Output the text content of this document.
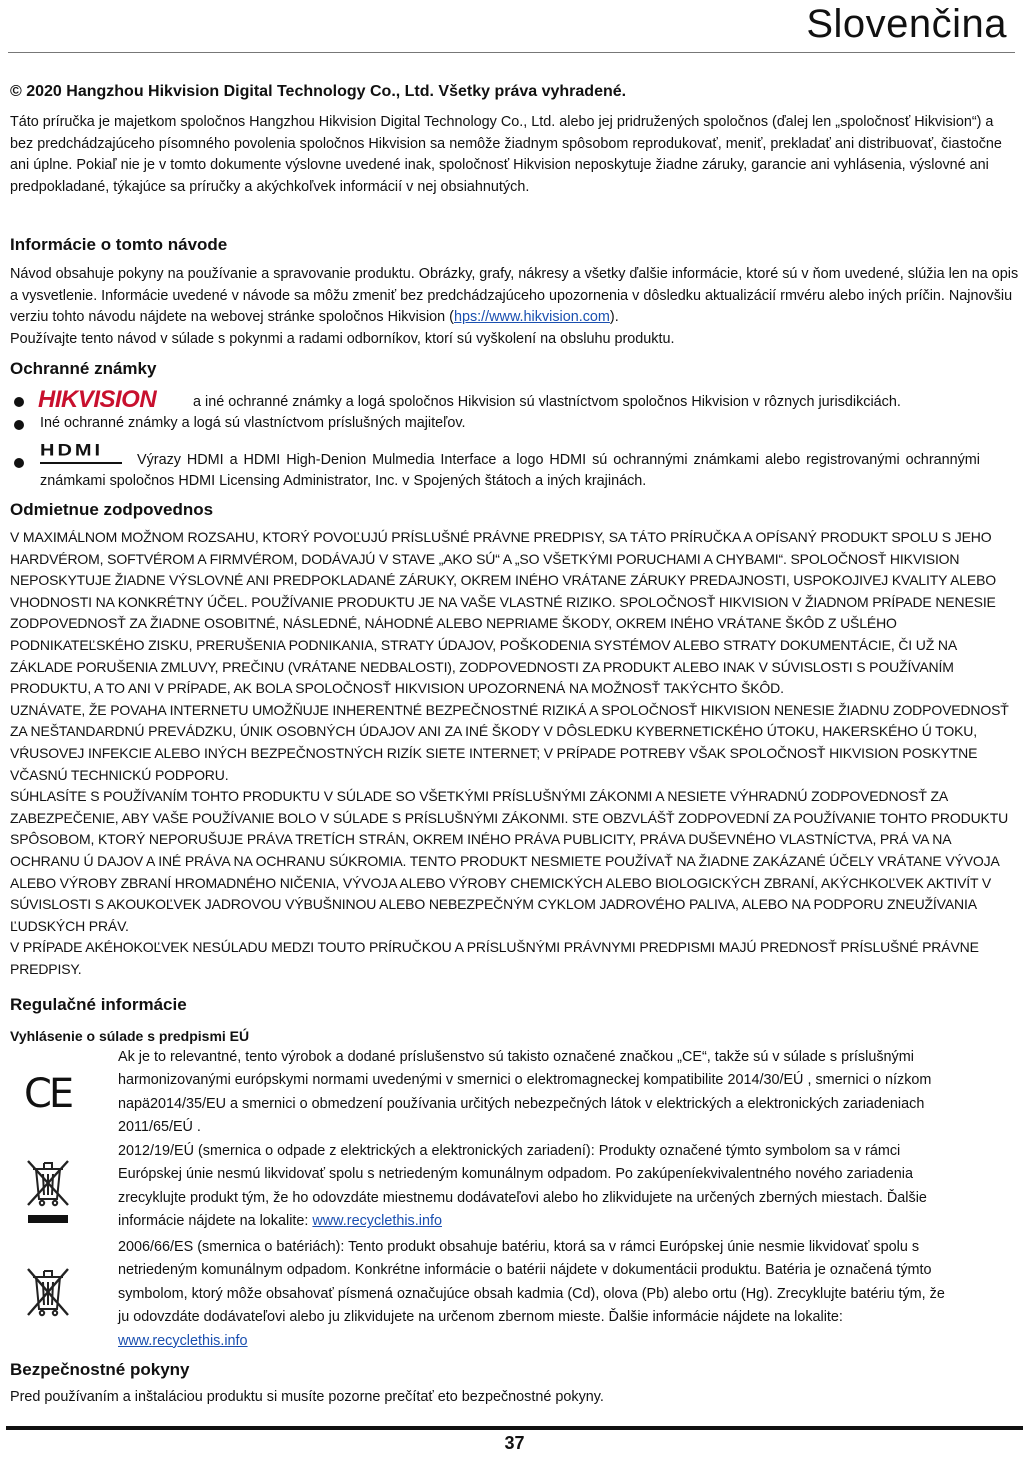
Slovenčina
© 2020 Hangzhou Hikvision Digital Technology Co., Ltd. Všetky práva vyhradené.
Táto príručka je majetkom spoločnos Hangzhou Hikvision Digital Technology Co., Ltd. alebo jej pridružených spoločnos (ďalej len „spoločnosť Hikvision“) a bez predchádzajúceho písomného povolenia spoločnos Hikvision sa nemôže žiadnym spôsobom reprodukovať, meniť, prekladať ani distribuovať, čiastočne ani úplne. Pokiaľ nie je v tomto dokumente výslovne uvedené inak, spoločnosť Hikvision neposkytuje žiadne záruky, garancie ani vyhlásenia, výslovné ani predpokladané, týkajúce sa príručky a akýchkoľvek informácií v nej obsiahnutých.
Informácie o tomto návode
Návod obsahuje pokyny na používanie a spravovanie produktu. Obrázky, grafy, nákresy a všetky ďalšie informácie, ktoré sú v ňom uvedené, slúžia len na opis a vysvetlenie. Informácie uvedené v návode sa môžu zmeniť bez predchádzajúceho upozornenia v dôsledku aktualizácií rmvéru alebo iných príčin. Najnovšiu verziu tohto návodu nájdete na webovej stránke spoločnos Hikvision (hps://www.hikvision.com).
Používajte tento návod v súlade s pokynmi a radami odborníkov, ktorí sú vyškolení na obsluhu produktu.
Ochranné známky
HIKVISION	a iné ochranné známky a logá spoločnos Hikvision sú vlastníctvom spoločnos Hikvision v rôznych jurisdikciách.
Iné ochranné známky a logá sú vlastníctvom príslušných majiteľov.
HDMI
Výrazy HDMI a HDMI High-Denion Mulmedia Interface a logo HDMI sú ochrannými známkami alebo registrovanými ochrannými známkami spoločnos HDMI Licensing Administrator, Inc. v Spojených štátoch a iných krajinách.
Odmietnue zodpovednos
V MAXIMÁLNOM MOŽNOM ROZSAHU, KTORÝ POVOĽUJÚ PRÍSLUŠNÉ PRÁVNE PREDPISY, SA TÁTO PRÍRUČKA A OPÍSANÝ PRODUKT SPOLU S JEHO HARDVÉROM, SOFTVÉROM A FIRMVÉROM, DODÁVAJÚ V STAVE „AKO SÚ“ A „SO VŠETKÝMI PORUCHAMI A CHYBAMI“. SPOLOČNOSŤ HIKVISION NEPOSKYTUJE ŽIADNE VÝSLOVNÉ ANI PREDPOKLADANÉ ZÁRUKY, OKREM INÉHO VRÁTANE ZÁRUKY PREDAJNOSTI, USPOKOJIVEJ KVALITY ALEBO VHODNOSTI NA KONKRÉTNY ÚČEL. POUŽÍVANIE PRODUKTU JE NA VAŠE VLASTNÉ RIZIKO. SPOLOČNOSŤ HIKVISION V ŽIADNOM PRÍPADE NENESIE ZODPOVEDNOSŤ ZA ŽIADNE OSOBITNÉ, NÁSLEDNÉ, NÁHODNÉ ALEBO NEPRIAME ŠKODY, OKREM INÉHO VRÁTANE ŠKÔD Z UŠLÉHO PODNIKATEĽSKÉHO ZISKU, PRERUŠENIA PODNIKANIA, STRATY ÚDAJOV, POŠKODENIA SYSTÉMOV ALEBO STRATY DOKUMENTÁCIE, ČI UŽ NA ZÁKLADE PORUŠENIA ZMLUVY, PREČINU (VRÁTANE NEDBALOSTI), ZODPOVEDNOSTI ZA PRODUKT ALEBO INAK V SÚVISLOSTI S POUŽÍVANÍM PRODUKTU, A TO ANI V PRÍPADE, AK BOLA SPOLOČNOSŤ HIKVISION UPOZORNENÁ NA MOŽNOSŤ TAKÝCHTO ŠKÔD.
UZNÁVATE, ŽE POVAHA INTERNETU UMOŽŇUJE INHERENTNÉ BEZPEČNOSTNÉ RIZIKÁ A SPOLOČNOSŤ HIKVISION NENESIE ŽIADNU ZODPOVEDNOSŤ ZA NEŠTANDARDNÚ PREVÁDZKU, ÚNIK OSOBNÝCH ÚDAJOV ANI ZA INÉ ŠKODY V DÔSLEDKU KYBERNETICKÉHO ÚTOKU, HAKERSKÉHO Ú TOKU, VŔUSOVEJ INFEKCIE ALEBO INÝCH BEZPEČNOSTNÝCH RIZÍK SIETE INTERNET; V PRÍPADE POTREBY VŠAK SPOLOČNOSŤ HIKVISION POSKYTNE VČASNÚ TECHNICKÚ PODPORU.
SÚHLASÍTE S POUŽÍVANÍM TOHTO PRODUKTU V SÚLADE SO VŠETKÝMI PRÍSLUŠNÝMI ZÁKONMI A NESIETE VÝHRADNÚ ZODPOVEDNOSŤ ZA ZABEZPEČENIE, ABY VAŠE POUŽÍVANIE BOLO V SÚLADE S PRÍSLUŠNÝMI ZÁKONMI. STE OBZVLÁŠŤ ZODPOVEDNÍ ZA POUŽÍVANIE TOHTO PRODUKTU SPÔSOBOM, KTORÝ NEPORUŠUJE PRÁVA TRETÍCH STRÁN, OKREM INÉHO PRÁVA PUBLICITY, PRÁVA DUŠEVNÉHO VLASTNÍCTVA, PRÁ VA NA OCHRANU Ú DAJOV A INÉ PRÁVA NA OCHRANU SÚKROMIA. TENTO PRODUKT NESMIETE POUŽÍVAŤ NA ŽIADNE ZAKÁZANÉ ÚČELY VRÁTANE VÝVOJA ALEBO VÝROBY ZBRANÍ HROMADNÉHO NIČENIA, VÝVOJA ALEBO VÝROBY CHEMICKÝCH ALEBO BIOLOGICKÝCH ZBRANÍ, AKÝCHKOĽVEK AKTIVÍT V SÚVISLOSTI S AKOUKOĽVEK JADROVOU VÝBUŠNINOU ALEBO NEBEZPEČNÝM CYKLOM JADROVÉHO PALIVA, ALEBO NA PODPORU ZNEUŽÍVANIA ĽUDSKÝCH PRÁV.
V PRÍPADE AKÉHOKOĽVEK NESÚLADU MEDZI TOUTO PRÍRUČKOU A PRÍSLUŠNÝMI PRÁVNYMI PREDPISMI MAJÚ PREDNOSŤ PRÍSLUŠNÉ PRÁVNE PREDPISY.
Regulačné informácie
Vyhlásenie o súlade s predpismi EÚ
CE
Ak je to relevantné, tento výrobok a dodané príslušenstvo sú takisto označené značkou „CE“, takže sú v súlade s príslušnými harmonizovanými európskymi normami uvedenými v smernici o elektromagneckej kompatibilite 2014/30/EÚ , smernici o nízkom napä2014/35/EU a smernici o obmedzení používania určitých nebezpečných látok v elektrických a elektronických zariadeniach 2011/65/EÚ .
2012/19/EÚ (smernica o odpade z elektrických a elektronických zariadení): Produkty označené týmto symbolom sa v rámci Európskej únie nesmú likvidovať spolu s netriedeným komunálnym odpadom. Po zakúpeníekvivalentného nového zariadenia zrecyklujte produkt tým, že ho odovzdáte miestnemu dodávateľovi alebo ho zlikvidujete na určených zberných miestach. Ďalšie informácie nájdete na lokalite: www.recyclethis.info
2006/66/ES (smernica o batériách): Tento produkt obsahuje batériu, ktorá sa v rámci Európskej únie nesmie likvidovať spolu s netriedeným komunálnym odpadom. Konkrétne informácie o batérii nájdete v dokumentácii produktu. Batéria je označená týmto symbolom, ktorý môže obsahovať písmená označujúce obsah kadmia (Cd), olova (Pb) alebo ortu (Hg). Zrecyklujte batériu tým, že ju odovzdáte dodávateľovi alebo ju zlikvidujete na určenom zbernom mieste. Ďalšie informácie nájdete na lokalite: www.recyclethis.info
Bezpečnostné pokyny
Pred používaním a inštaláciou produktu si musíte pozorne prečítať eto bezpečnostné pokyny.
37
